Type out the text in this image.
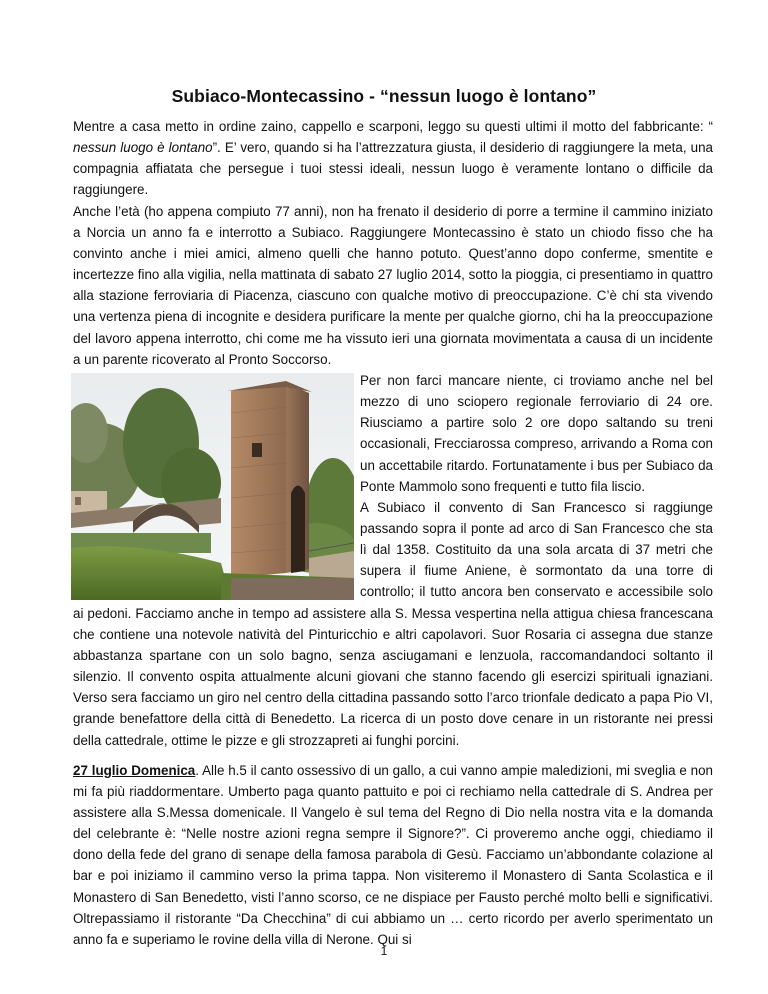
Subiaco-Montecassino - “nessun luogo è lontano”

Mentre a casa metto in ordine zaino, cappello e scarponi, leggo su questi ultimi il motto del fabbricante: “ nessun luogo è lontano”. E’ vero, quando si ha l’attrezzatura giusta, il desiderio di raggiungere la meta, una compagnia affiatata che persegue i tuoi stessi ideali, nessun luogo è veramente lontano o difficile da raggiungere.

Anche l’età (ho appena compiuto 77 anni), non ha frenato il desiderio di porre a termine il cammino iniziato a Norcia un anno fa e interrotto a Subiaco. Raggiungere Montecassino è stato un chiodo fisso che ha convinto anche i miei amici, almeno quelli che hanno potuto. Quest’anno dopo conferme, smentite e incertezze fino alla vigilia, nella mattinata di sabato 27 luglio 2014, sotto la pioggia, ci presentiamo in quattro alla stazione ferroviaria di Piacenza, ciascuno con qualche motivo di preoccupazione. C’è chi sta vivendo una vertenza piena di incognite e desidera purificare la mente per qualche giorno, chi ha la preoccupazione del lavoro appena interrotto, chi come me ha vissuto ieri una giornata movimentata a causa di un incidente a un parente ricoverato al Pronto Soccorso.

Per non farci mancare niente, ci troviamo anche nel bel mezzo di uno sciopero regionale ferroviario di 24 ore. Riusciamo a partire solo 2 ore dopo saltando su treni occasionali, Frecciarossa compreso, arrivando a Roma con un accettabile ritardo. Fortunatamente i bus per Subiaco da Ponte Mammolo sono frequenti e tutto fila liscio.

A Subiaco il convento di San Francesco si raggiunge passando sopra il ponte ad arco di San Francesco che sta lì dal 1358. Costituito da una sola arcata di 37 metri che supera il fiume Aniene, è sormontato da una torre di controllo; il tutto ancora ben conservato e accessibile solo ai pedoni. Facciamo anche in tempo ad assistere alla S. Messa vespertina nella attigua chiesa francescana che contiene una notevole natività del Pinturicchio e altri capolavori. Suor Rosaria ci assegna due stanze abbastanza spartane con un solo bagno, senza asciugamani e lenzuola, raccomandandoci soltanto il silenzio. Il convento ospita attualmente alcuni giovani che stanno facendo gli esercizi spirituali ignaziani. Verso sera facciamo un giro nel centro della cittadina passando sotto l’arco trionfale dedicato a papa Pio VI, grande benefattore della città di Benedetto. La ricerca di un posto dove cenare in un ristorante nei pressi della cattedrale, ottime le pizze e gli strozzapreti ai funghi porcini.

27 luglio Domenica. Alle h.5 il canto ossessivo di un gallo, a cui vanno ampie maledizioni, mi sveglia e non mi fa più riaddormentare. Umberto paga quanto pattuito e poi ci rechiamo nella cattedrale di S. Andrea per assistere alla S.Messa domenicale. Il Vangelo è sul tema del Regno di Dio nella nostra vita e la domanda del celebrante è: “Nelle nostre azioni regna sempre il Signore?”. Ci proveremo anche oggi, chiediamo il dono della fede del grano di senape della famosa parabola di Gesù. Facciamo un’abbondante colazione al bar e poi iniziamo il cammino verso la prima tappa. Non visiteremo il Monastero di Santa Scolastica e il Monastero di San Benedetto, visti l’anno scorso, ce ne dispiace per Fausto perché molto belli e significativi. Oltrepassiamo il ristorante “Da Checchina” di cui abbiamo un … certo ricordo per averlo sperimentato un anno fa e superiamo le rovine della villa di Nerone. Qui si

1
